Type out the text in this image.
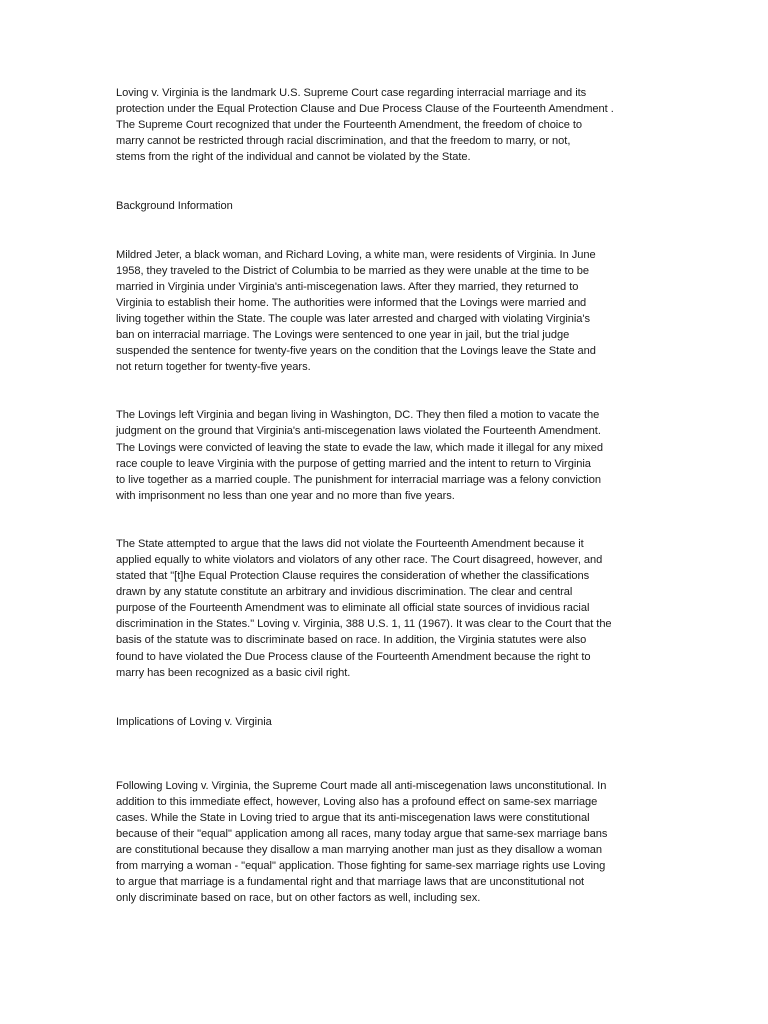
Loving v. Virginia is the landmark U.S. Supreme Court case regarding interracial marriage and its
protection under the Equal Protection Clause and Due Process Clause of the Fourteenth Amendment .
The Supreme Court recognized that under the Fourteenth Amendment, the freedom of choice to
marry cannot be restricted through racial discrimination, and that the freedom to marry, or not,
stems from the right of the individual and cannot be violated by the State.

Background Information

Mildred Jeter, a black woman, and Richard Loving, a white man, were residents of Virginia. In June
1958, they traveled to the District of Columbia to be married as they were unable at the time to be
married in Virginia under Virginia's anti-miscegenation laws. After they married, they returned to
Virginia to establish their home. The authorities were informed that the Lovings were married and
living together within the State. The couple was later arrested and charged with violating Virginia's
ban on interracial marriage. The Lovings were sentenced to one year in jail, but the trial judge
suspended the sentence for twenty-five years on the condition that the Lovings leave the State and
not return together for twenty-five years.

The Lovings left Virginia and began living in Washington, DC. They then filed a motion to vacate the
judgment on the ground that Virginia's anti-miscegenation laws violated the Fourteenth Amendment.
The Lovings were convicted of leaving the state to evade the law, which made it illegal for any mixed
race couple to leave Virginia with the purpose of getting married and the intent to return to Virginia
to live together as a married couple. The punishment for interracial marriage was a felony conviction
with imprisonment no less than one year and no more than five years.

The State attempted to argue that the laws did not violate the Fourteenth Amendment because it
applied equally to white violators and violators of any other race. The Court disagreed, however, and
stated that "[t]he Equal Protection Clause requires the consideration of whether the classifications
drawn by any statute constitute an arbitrary and invidious discrimination. The clear and central
purpose of the Fourteenth Amendment was to eliminate all official state sources of invidious racial
discrimination in the States." Loving v. Virginia, 388 U.S. 1, 11 (1967). It was clear to the Court that the
basis of the statute was to discriminate based on race. In addition, the Virginia statutes were also
found to have violated the Due Process clause of the Fourteenth Amendment because the right to
marry has been recognized as a basic civil right.

Implications of Loving v. Virginia

Following Loving v. Virginia, the Supreme Court made all anti-miscegenation laws unconstitutional. In
addition to this immediate effect, however, Loving also has a profound effect on same-sex marriage
cases. While the State in Loving tried to argue that its anti-miscegenation laws were constitutional
because of their "equal" application among all races, many today argue that same-sex marriage bans
are constitutional because they disallow a man marrying another man just as they disallow a woman
from marrying a woman - "equal" application. Those fighting for same-sex marriage rights use Loving
to argue that marriage is a fundamental right and that marriage laws that are unconstitutional not
only discriminate based on race, but on other factors as well, including sex.
